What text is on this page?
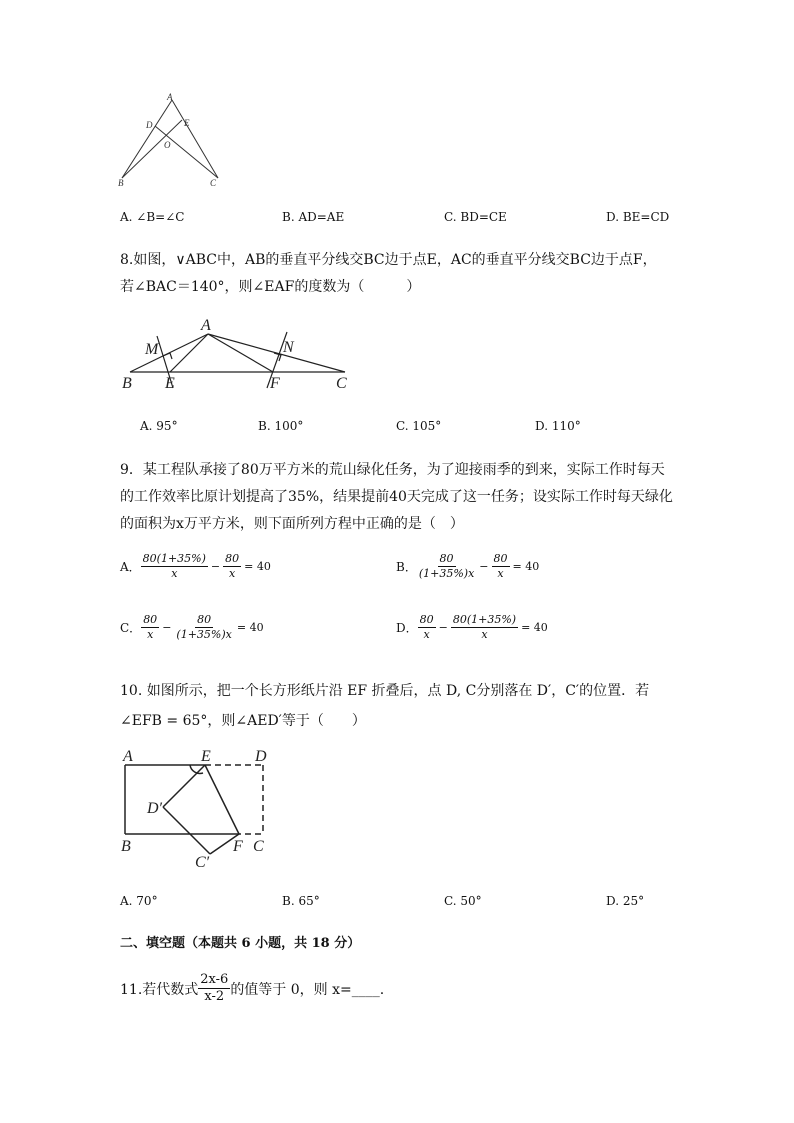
A
D	E
O
B	C
A. ∠B=∠C	B. AD=AE	C. BD=CE	D. BE=CD
8.如图，∨ABC中，AB的垂直平分线交BC边于点E，AC的垂直平分线交BC边于点F，
若∠BAC＝140°，则∠EAF的度数为（　　　）
A
M	N
B E	F	C
A. 95°	B. 100°	C. 105°	D. 110°
9．某工程队承接了80万平方米的荒山绿化任务，为了迎接雨季的到来，实际工作时每天
的工作效率比原计划提高了35%，结果提前40天完成了这一任务；设实际工作时每天绿化
的面积为x万平方米，则下面所列方程中正确的是（　）
A． $\frac{80(1+35\%)}{x} - \frac{80}{x} = 40$	B． $\frac{80}{(1+35\%)x} - \frac{80}{x} = 40$
C． $\frac{80}{x} - \frac{80}{(1+35\%)x} = 40$	D． $\frac{80}{x} - \frac{80(1+35\%)}{x} = 40$
10. 如图所示，把一个长方形纸片沿 EF 折叠后，点 D, C分别落在 D′，C′的位置．若
∠EFB = 65°，则∠AED′等于（　　）
A	E	D
D′
B
C′
F C
A. 70°	B. 65°	C. 50°	D. 25°
二、填空题（本题共 6 小题，共 18 分）
11.若代数式 $\frac{2x-6}{x-2}$ 的值等于 0，则 x=____.
